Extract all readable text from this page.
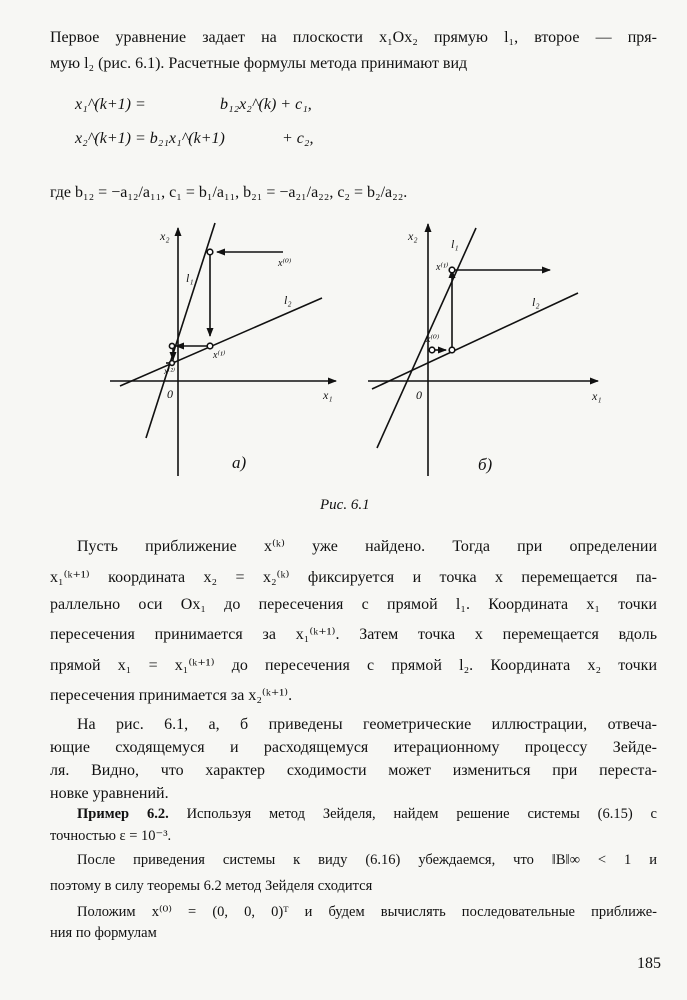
Первое уравнение задает на плоскости x₁Ox₂ прямую l₁, второе — пря-
мую l₂ (рис. 6.1). Расчетные формулы метода принимают вид
x₁^(k+1) =	b₁₂x₂^(k) + c₁,
x₂^(k+1) = b₂₁x₁^(k+1)	+ c₂,
где b₁₂ = −a₁₂/a₁₁, c₁ = b₁/a₁₁, b₂₁ = −a₂₁/a₂₂, c₂ = b₂/a₂₂.
x₂
x₁
0
l₁
l₂
x⁽⁰⁾
x⁽¹⁾
x⁽²⁾
а)
x₂
x₁
0
l₁
l₂
x⁽⁰⁾
x⁽¹⁾
б)
Рис. 6.1
Пусть приближение x⁽ᵏ⁾ уже найдено. Тогда при определении
x₁⁽ᵏ⁺¹⁾ координата x₂ = x₂⁽ᵏ⁾ фиксируется и точка x перемещается па-
раллельно оси Ox₁ до пересечения с прямой l₁. Координата x₁ точки
пересечения принимается за x₁⁽ᵏ⁺¹⁾. Затем точка x перемещается вдоль
прямой x₁ = x₁⁽ᵏ⁺¹⁾ до пересечения с прямой l₂. Координата x₂ точки
пересечения принимается за x₂⁽ᵏ⁺¹⁾.
На рис. 6.1, а, б приведены геометрические иллюстрации, отвеча-
ющие сходящемуся и расходящемуся итерационному процессу Зейде-
ля. Видно, что характер сходимости может измениться при переста-
новке уравнений.
Пример 6.2. Используя метод Зейделя, найдем решение системы (6.15) с
точностью ε = 10⁻³.
После приведения системы к виду (6.16) убеждаемся, что ‖B‖∞ < 1 и
поэтому в силу теоремы 6.2 метод Зейделя сходится
Положим x⁽⁰⁾ = (0, 0, 0)ᵀ и будем вычислять последовательные приближе-
ния по формулам
185
